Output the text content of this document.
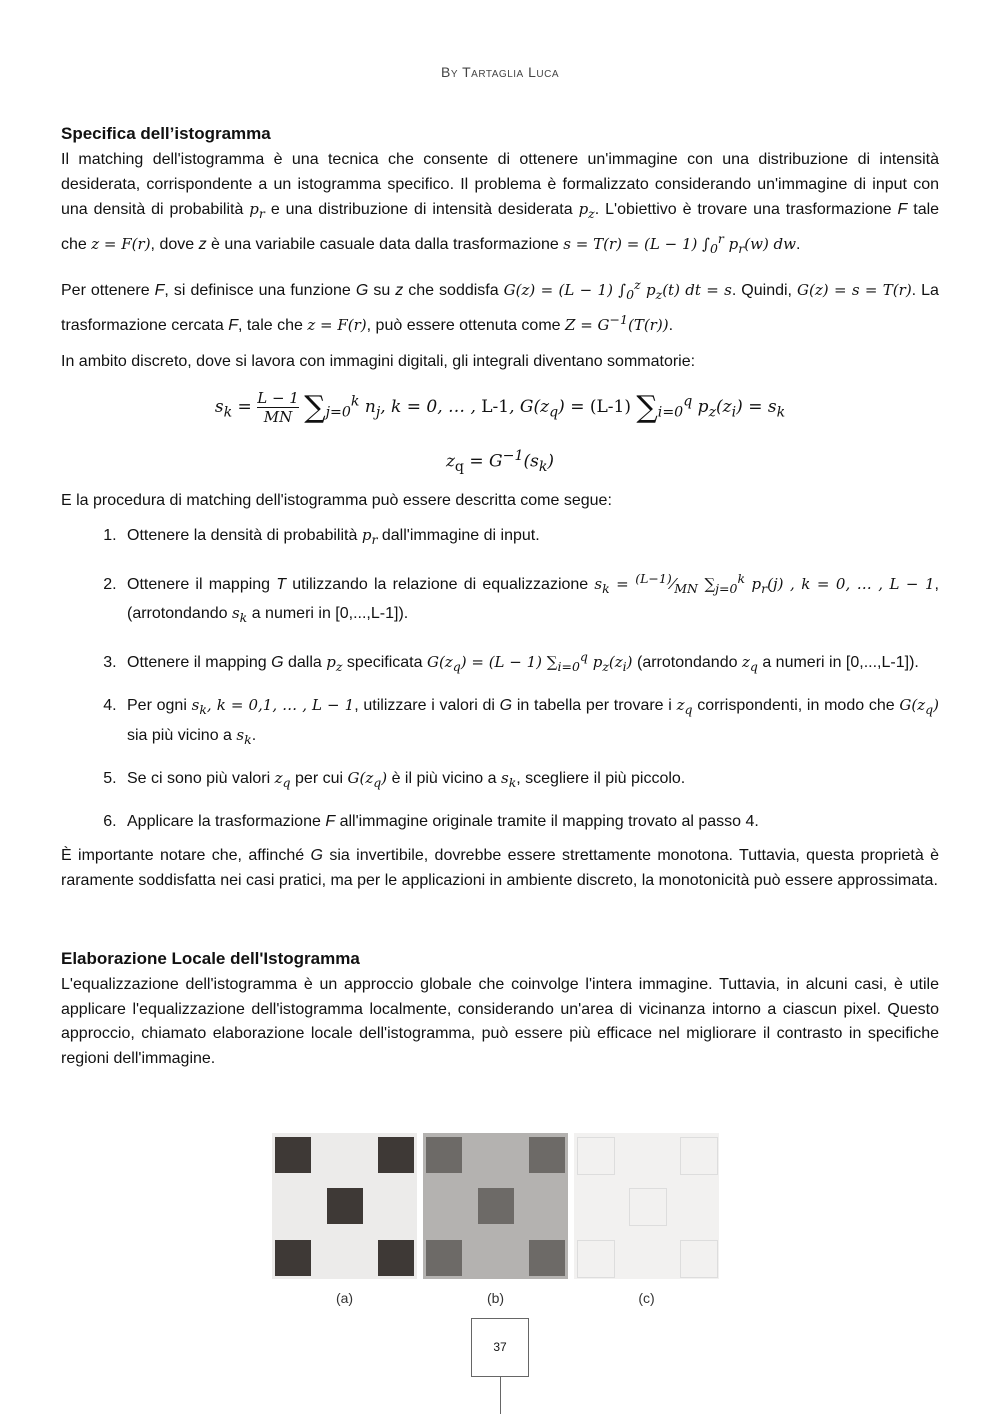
By Tartaglia Luca
Specifica dell’istogramma

Il matching dell'istogramma è una tecnica che consente di ottenere un'immagine con una distribuzione di intensità desiderata, corrispondente a un istogramma specifico. Il problema è formalizzato considerando un'immagine di input con una densità di probabilità $p_r$ e una distribuzione di intensità desiderata $p_z$. L'obiettivo è trovare una trasformazione F tale che z = F(r), dove z è una variabile casuale data dalla trasformazione s = T(r) = (L − 1) $\int_0^r$ $p_r(w)$ dw.

Per ottenere F, si definisce una funzione G su z che soddisfa G(z) = (L − 1) $\int_0^z$ $p_z(t)$ dt = s. Quindi, G(z) = s = T(r). La trasformazione cercata F, tale che z = F(r), può essere ottenuta come $Z = G^{-1}(T(r))$.

In ambito discreto, dove si lavora con immagini digitali, gli integrali diventano sommatorie:

$s_k = \frac{L - 1}{MN} \sum_{j=0}^k$ $n_j$, k = 0, … , L-1, $G(z_q) = (L-1)$ $\sum_{i=0}^q$ $p_z(z_i) = s_k$
$z_q = G^{-1}(s_k)$

E la procedura di matching dell'istogramma può essere descritta come segue:

1. Ottenere la densità di probabilità $p_r$ dall'immagine di input.
2. Ottenere il mapping T utilizzando la relazione di equalizzazione $s_k$ = $^{(L-1)}⁄_{MN}$ $\sum_{j=0}^k$ $p_r(j)$ , k = 0, … , L − 1, (arrotondando $s_k$ a numeri in [0,...,L-1]).
3. Ottenere il mapping G dalla $p_z$ specificata $G(z_q) = (L - 1)$ $\sum_{i=0}^q$ $p_z(z_i)$ (arrotondando $z_q$ a numeri in [0,...,L-1]).
4. Per ogni $s_k$, k = 0,1, … , L − 1, utilizzare i valori di G in tabella per trovare i $z_q$ corrispondenti, in modo che $G(z_q)$ sia più vicino a $s_k$.
5. Se ci sono più valori $z_q$ per cui $G(z_q)$ è il più vicino a $s_k$, scegliere il più piccolo.
6. Applicare la trasformazione F all'immagine originale tramite il mapping trovato al passo 4.

È importante notare che, affinché G sia invertibile, dovrebbe essere strettamente monotona. Tuttavia, questa proprietà è raramente soddisfatta nei casi pratici, ma per le applicazioni in ambiente discreto, la monotonicità può essere approssimata.

Elaborazione Locale dell'Istogramma

L'equalizzazione dell'istogramma è un approccio globale che coinvolge l'intera immagine. Tuttavia, in alcuni casi, è utile applicare l'equalizzazione dell'istogramma localmente, considerando un'area di vicinanza intorno a ciascun pixel. Questo approccio, chiamato elaborazione locale dell'istogramma, può essere più efficace nel migliorare il contrasto in specifiche regioni dell'immagine.

(a)	(b)	(c)
37
